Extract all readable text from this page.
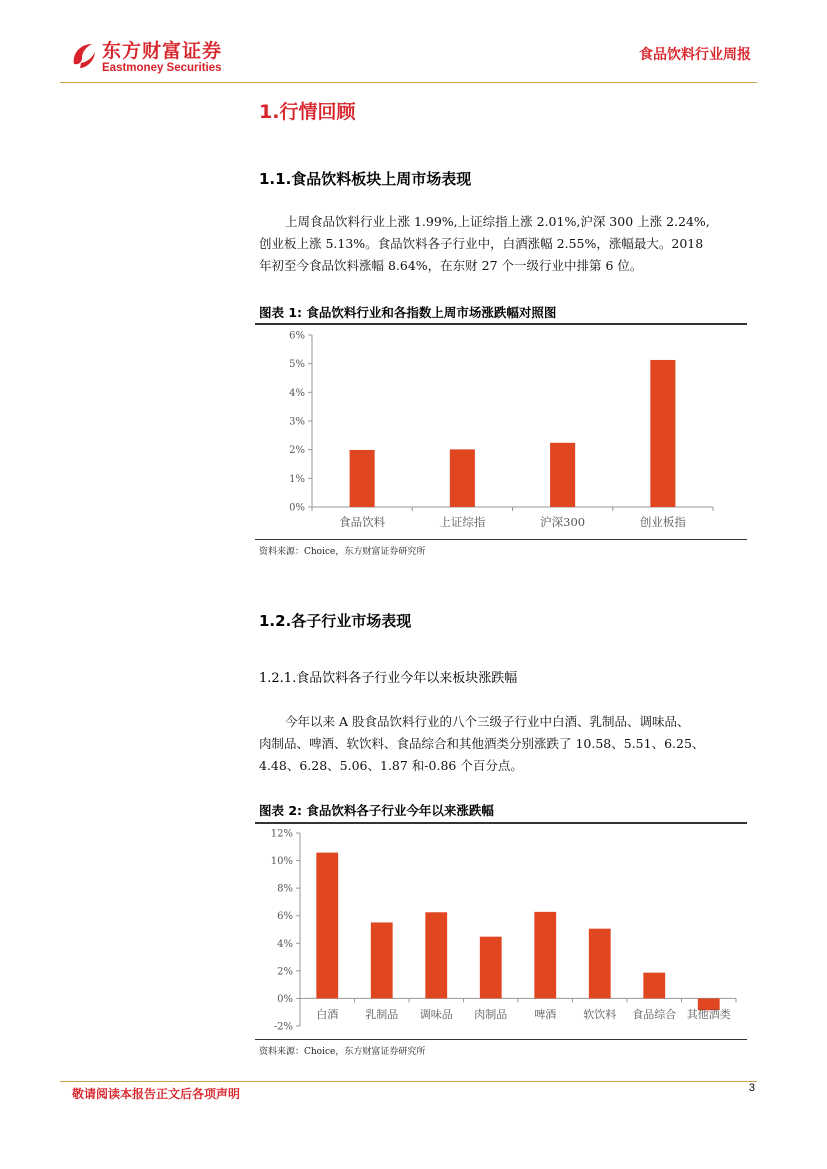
东方财富证券
Eastmoney Securities
食品饮料行业周报
1.行情回顾
1.1.食品饮料板块上周市场表现
上周食品饮料行业上涨 1.99%,上证综指上涨 2.01%,沪深 300 上涨 2.24%,
创业板上涨 5.13%。食品饮料各子行业中，白酒涨幅 2.55%，涨幅最大。2018
年初至今食品饮料涨幅 8.64%，在东财 27 个一级行业中排第 6 位。
图表 1: 食品饮料行业和各指数上周市场涨跌幅对照图
0%
1%
2%
3%
4%
5%
6%
食品饮料	上证综指	沪深300	创业板指
资料来源：Choice，东方财富证券研究所
1.2.各子行业市场表现
1.2.1.食品饮料各子行业今年以来板块涨跌幅
今年以来 A 股食品饮料行业的八个三级子行业中白酒、乳制品、调味品、
肉制品、啤酒、软饮料、食品综合和其他酒类分别涨跌了 10.58、5.51、6.25、
4.48、6.28、5.06、1.87 和-0.86 个百分点。
图表 2: 食品饮料各子行业今年以来涨跌幅
-2%
0%
2%
4%
6%
8%
10%
12%
白酒 乳制品 调味品 肉制品 啤酒 软饮料 食品综合 其他酒类
资料来源：Choice，东方财富证券研究所
敬请阅读本报告正文后各项声明	3
